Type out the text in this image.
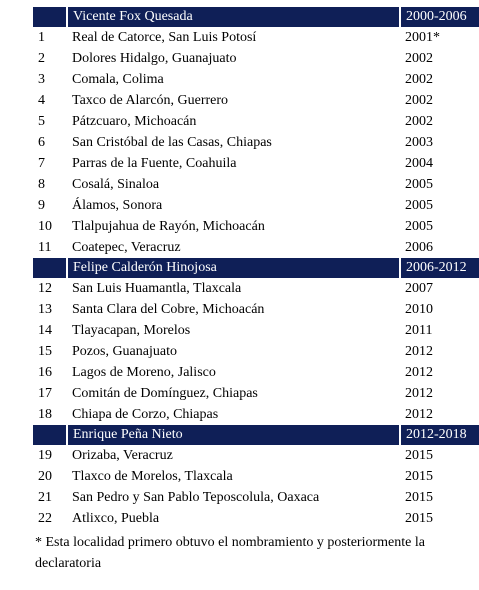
	Vicente Fox Quesada	2000-2006
1	Real de Catorce, San Luis Potosí	2001*
2	Dolores Hidalgo, Guanajuato	2002
3	Comala, Colima	2002
4	Taxco de Alarcón, Guerrero	2002
5	Pátzcuaro, Michoacán	2002
6	San Cristóbal de las Casas, Chiapas	2003
7	Parras de la Fuente, Coahuila	2004
8	Cosalá, Sinaloa	2005
9	Álamos, Sonora	2005
10	Tlalpujahua de Rayón, Michoacán	2005
11	Coatepec, Veracruz	2006
	Felipe Calderón Hinojosa	2006-2012
12	San Luis Huamantla, Tlaxcala	2007
13	Santa Clara del Cobre, Michoacán	2010
14	Tlayacapan, Morelos	2011
15	Pozos, Guanajuato	2012
16	Lagos de Moreno, Jalisco	2012
17	Comitán de Domínguez, Chiapas	2012
18	Chiapa de Corzo, Chiapas	2012
	Enrique Peña Nieto	2012-2018
19	Orizaba, Veracruz	2015
20	Tlaxco de Morelos, Tlaxcala	2015
21	San Pedro y San Pablo Teposcolula, Oaxaca	2015
22	Atlixco, Puebla	2015
* Esta localidad primero obtuvo el nombramiento y posteriormente la declaratoria
